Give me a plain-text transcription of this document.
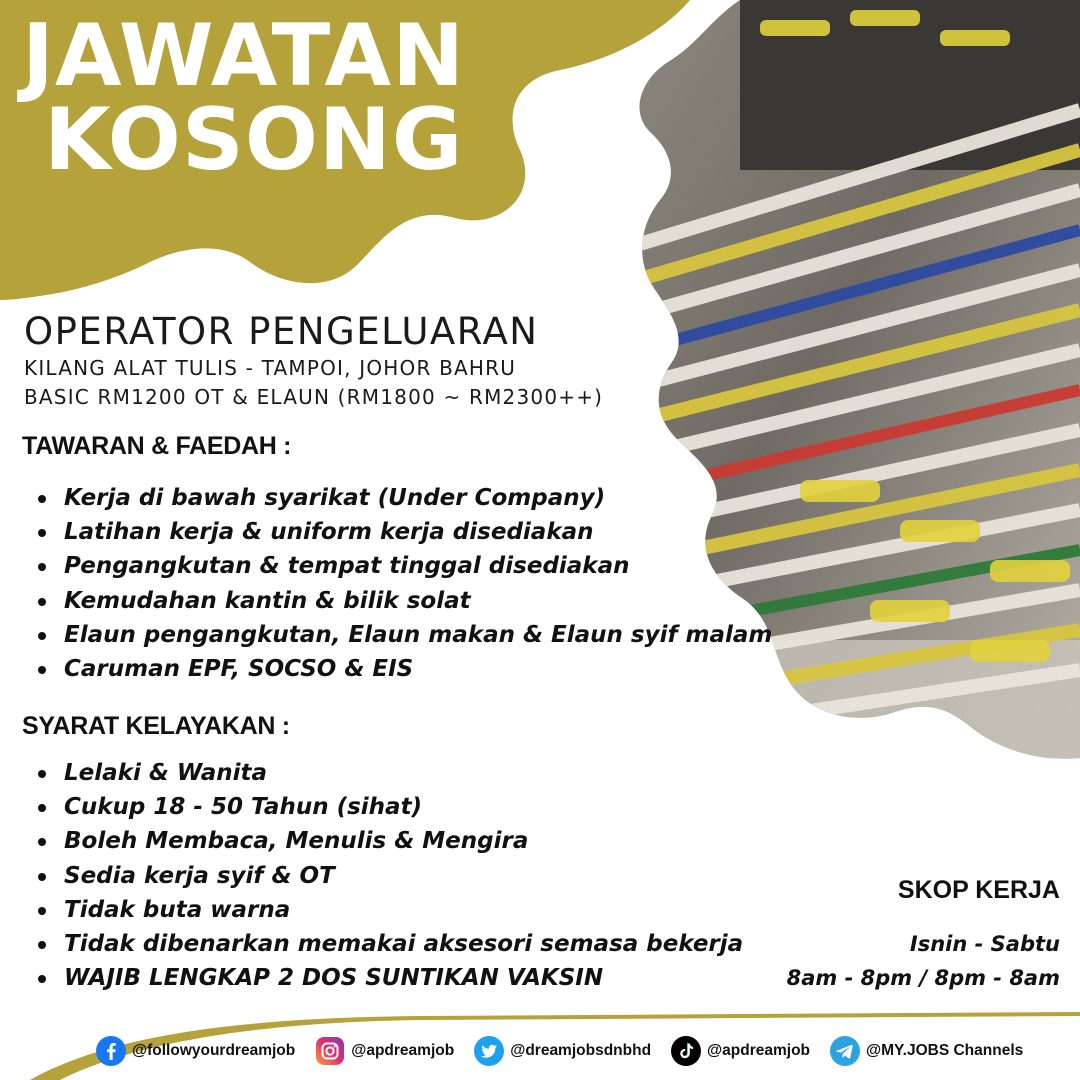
JAWATAN
KOSONG
OPERATOR PENGELUARAN
KILANG ALAT TULIS - TAMPOI, JOHOR BAHRU
BASIC RM1200 OT & ELAUN (RM1800 ~ RM2300++)
TAWARAN & FAEDAH :
Kerja di bawah syarikat (Under Company)
Latihan kerja & uniform kerja disediakan
Pengangkutan & tempat tinggal disediakan
Kemudahan kantin & bilik solat
Elaun pengangkutan, Elaun makan & Elaun syif malam
Caruman EPF, SOCSO & EIS
SYARAT KELAYAKAN :
Lelaki & Wanita
Cukup 18 - 50 Tahun (sihat)
Boleh Membaca, Menulis & Mengira
Sedia kerja syif & OT
Tidak buta warna
Tidak dibenarkan memakai aksesori semasa bekerja
WAJIB LENGKAP 2 DOS SUNTIKAN VAKSIN
SKOP KERJA
Isnin - Sabtu
8am - 8pm / 8pm - 8am
@followyourdreamjob	@apdreamjob	@dreamjobsdnbhd	@apdreamjob	@MY.JOBS Channels
